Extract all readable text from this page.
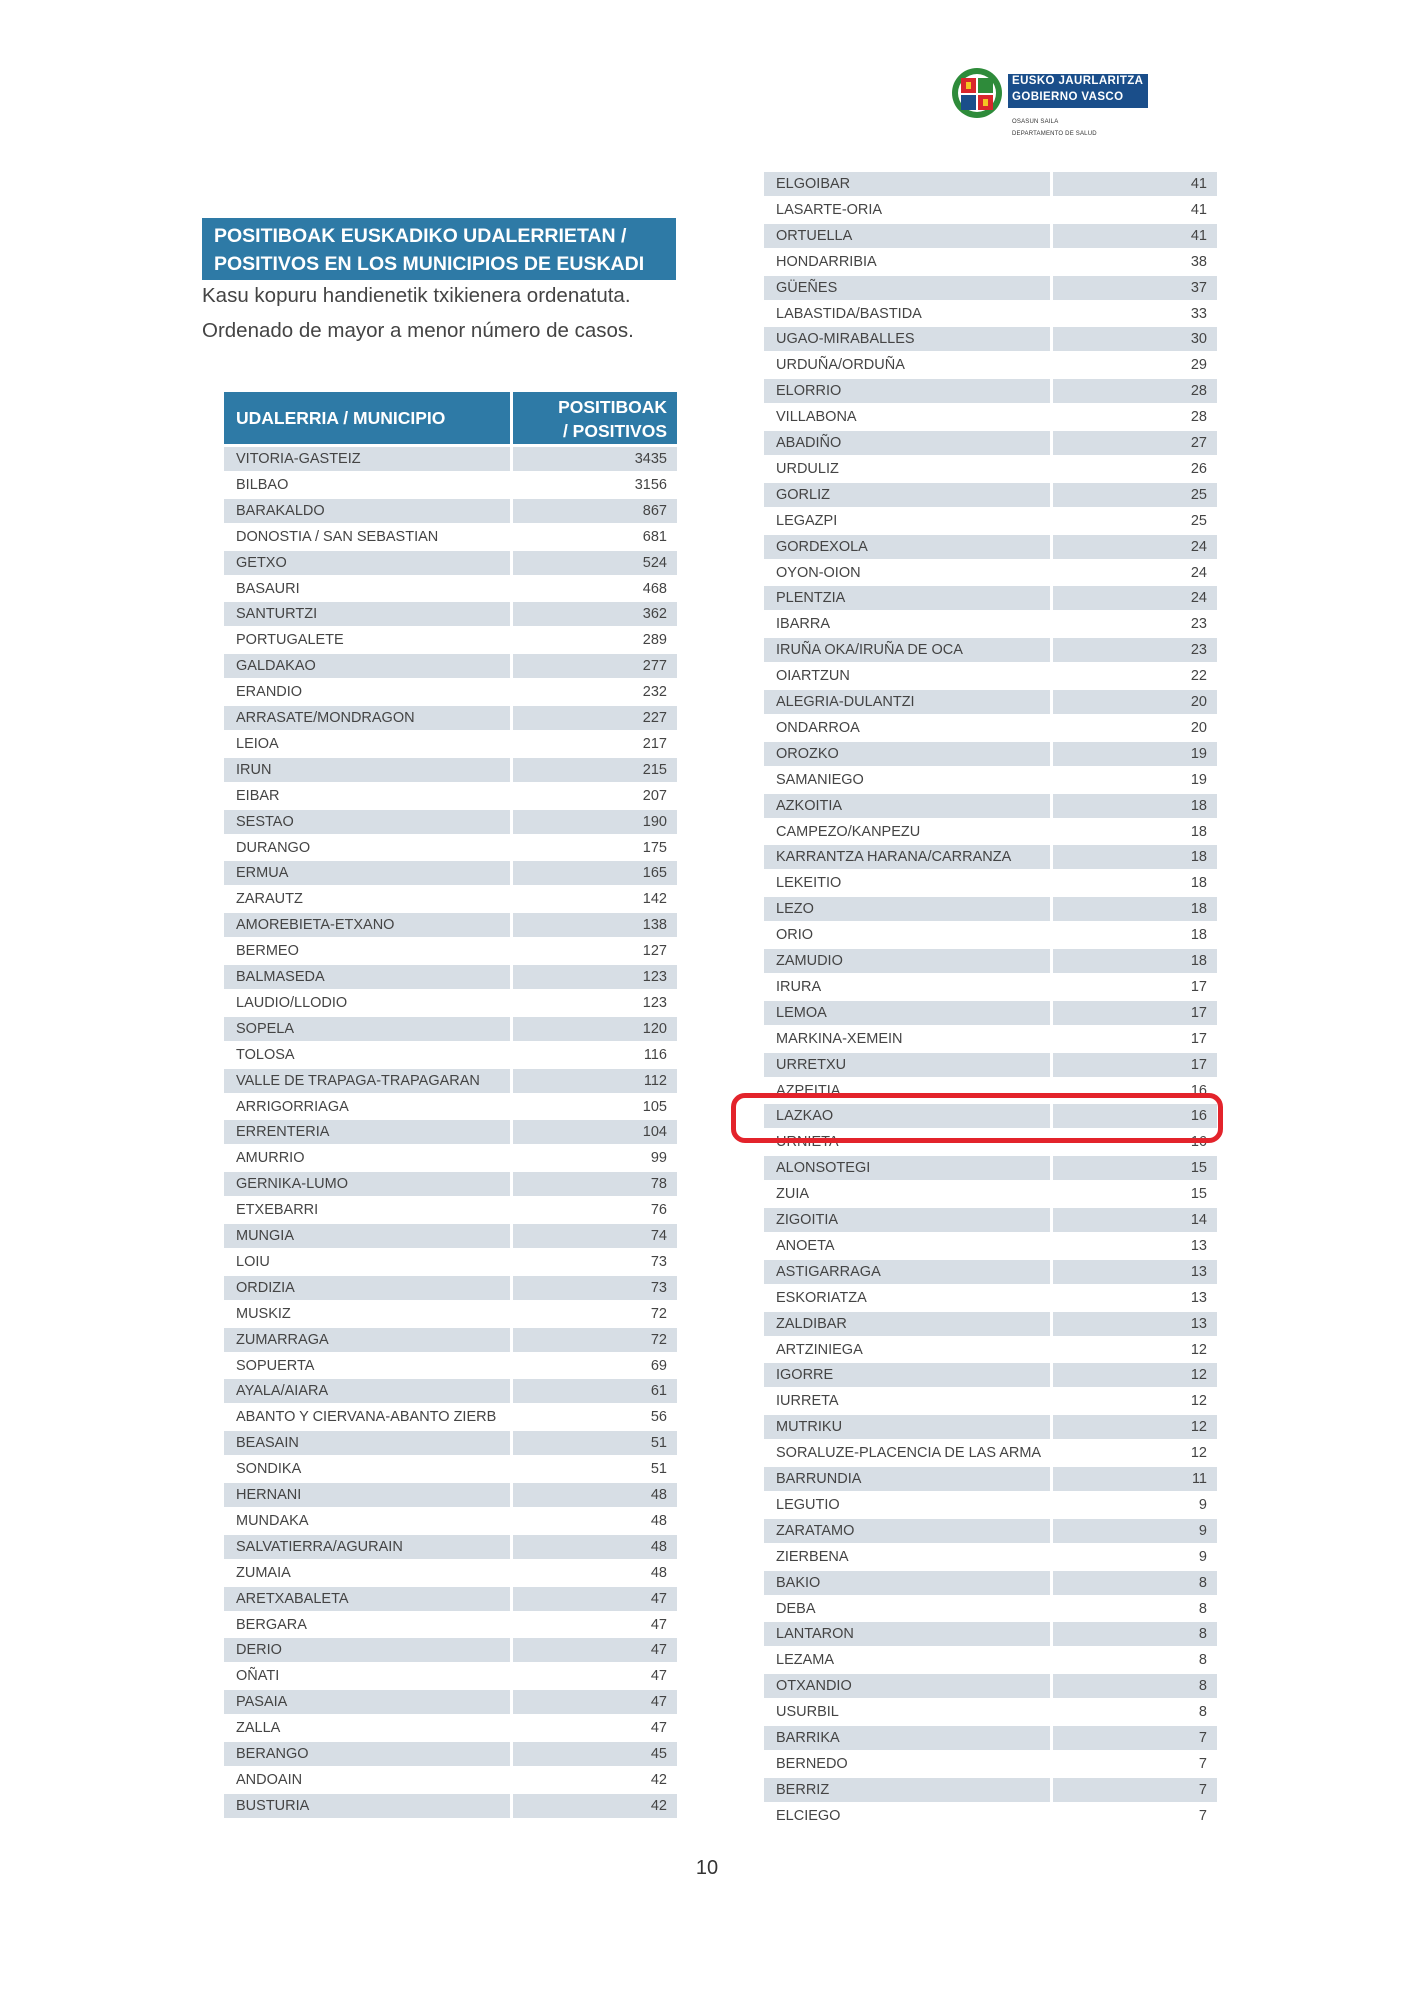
EUSKO JAURLARITZA
GOBIERNO VASCO
OSASUN SAILA
DEPARTAMENTO DE SALUD
POSITIBOAK EUSKADIKO UDALERRIETAN /
POSITIVOS EN LOS MUNICIPIOS DE EUSKADI
Kasu kopuru handienetik txikienera ordenatuta.
Ordenado de mayor a menor número de casos.
UDALERRIA / MUNICIPIO
POSITIBOAK
/ POSITIVOS
VITORIA-GASTEIZ	3435
BILBAO	3156
BARAKALDO	867
DONOSTIA / SAN SEBASTIAN	681
GETXO	524
BASAURI	468
SANTURTZI	362
PORTUGALETE	289
GALDAKAO	277
ERANDIO	232
ARRASATE/MONDRAGON	227
LEIOA	217
IRUN	215
EIBAR	207
SESTAO	190
DURANGO	175
ERMUA	165
ZARAUTZ	142
AMOREBIETA-ETXANO	138
BERMEO	127
BALMASEDA	123
LAUDIO/LLODIO	123
SOPELA	120
TOLOSA	116
VALLE DE TRAPAGA-TRAPAGARAN	112
ARRIGORRIAGA	105
ERRENTERIA	104
AMURRIO	99
GERNIKA-LUMO	78
ETXEBARRI	76
MUNGIA	74
LOIU	73
ORDIZIA	73
MUSKIZ	72
ZUMARRAGA	72
SOPUERTA	69
AYALA/AIARA	61
ABANTO Y CIERVANA-ABANTO ZIERB	56
BEASAIN	51
SONDIKA	51
HERNANI	48
MUNDAKA	48
SALVATIERRA/AGURAIN	48
ZUMAIA	48
ARETXABALETA	47
BERGARA	47
DERIO	47
OÑATI	47
PASAIA	47
ZALLA	47
BERANGO	45
ANDOAIN	42
BUSTURIA	42
ELGOIBAR	41
LASARTE-ORIA	41
ORTUELLA	41
HONDARRIBIA	38
GÜEÑES	37
LABASTIDA/BASTIDA	33
UGAO-MIRABALLES	30
URDUÑA/ORDUÑA	29
ELORRIO	28
VILLABONA	28
ABADIÑO	27
URDULIZ	26
GORLIZ	25
LEGAZPI	25
GORDEXOLA	24
OYON-OION	24
PLENTZIA	24
IBARRA	23
IRUÑA OKA/IRUÑA DE OCA	23
OIARTZUN	22
ALEGRIA-DULANTZI	20
ONDARROA	20
OROZKO	19
SAMANIEGO	19
AZKOITIA	18
CAMPEZO/KANPEZU	18
KARRANTZA HARANA/CARRANZA	18
LEKEITIO	18
LEZO	18
ORIO	18
ZAMUDIO	18
IRURA	17
LEMOA	17
MARKINA-XEMEIN	17
URRETXU	17
AZPEITIA	16
LAZKAO	16
URNIETA	16
ALONSOTEGI	15
ZUIA	15
ZIGOITIA	14
ANOETA	13
ASTIGARRAGA	13
ESKORIATZA	13
ZALDIBAR	13
ARTZINIEGA	12
IGORRE	12
IURRETA	12
MUTRIKU	12
SORALUZE-PLACENCIA DE LAS ARMA	12
BARRUNDIA	11
LEGUTIO	9
ZARATAMO	9
ZIERBENA	9
BAKIO	8
DEBA	8
LANTARON	8
LEZAMA	8
OTXANDIO	8
USURBIL	8
BARRIKA	7
BERNEDO	7
BERRIZ	7
ELCIEGO	7
10
